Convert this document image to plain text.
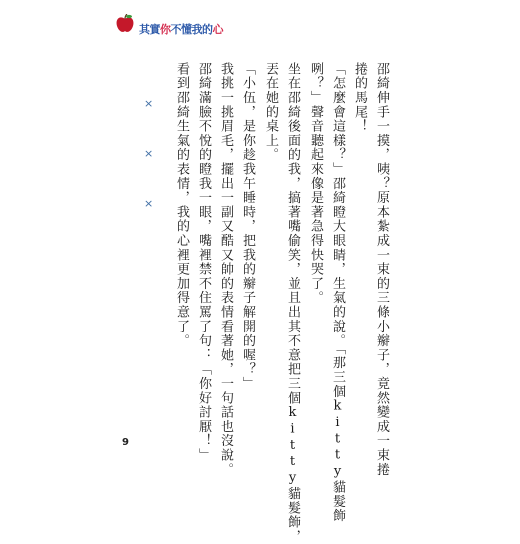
其實你不懂我的心
邵綺伸手一摸，咦？原本紮成一束的三條小辮子，竟然變成一束捲
捲的馬尾！
「怎麼會這樣？」邵綺瞪大眼睛，生氣的說。「那三個kitty貓髮飾
咧？」聲音聽起來像是著急得快哭了。
坐在邵綺後面的我，搞著嘴偷笑，並且出其不意把三個kitty貓髮飾，
丟在她的桌上。
「小伍，是你趁我午睡時，把我的辮子解開的喔？」
我挑一挑眉毛，擺出一副又酷又帥的表情看著她，一句話也沒說。
邵綺滿臉不悅的瞪我一眼，嘴裡禁不住罵了句：「你好討厭！」
看到邵綺生氣的表情，我的心裡更加得意了。
×
×
×
9
